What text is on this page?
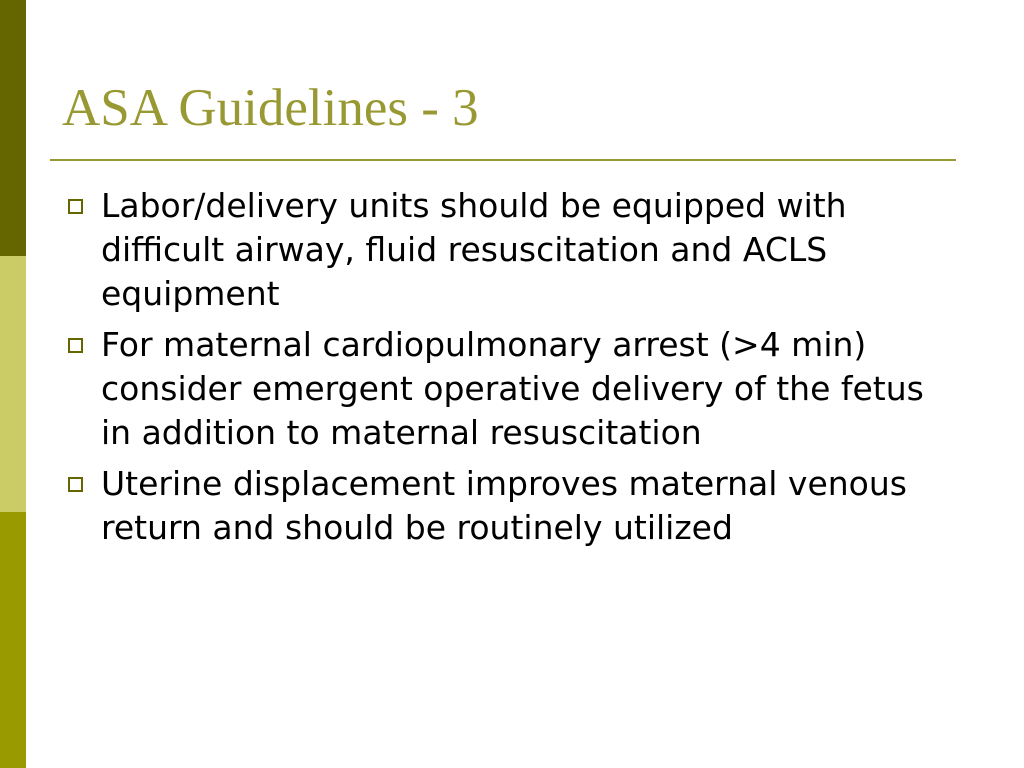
ASA Guidelines - 3
Labor/delivery units should be equipped with difficult airway, fluid resuscitation and ACLS equipment
For maternal cardiopulmonary arrest (>4 min) consider emergent operative delivery of the fetus in addition to maternal resuscitation
Uterine displacement improves maternal venous return and should be routinely utilized
